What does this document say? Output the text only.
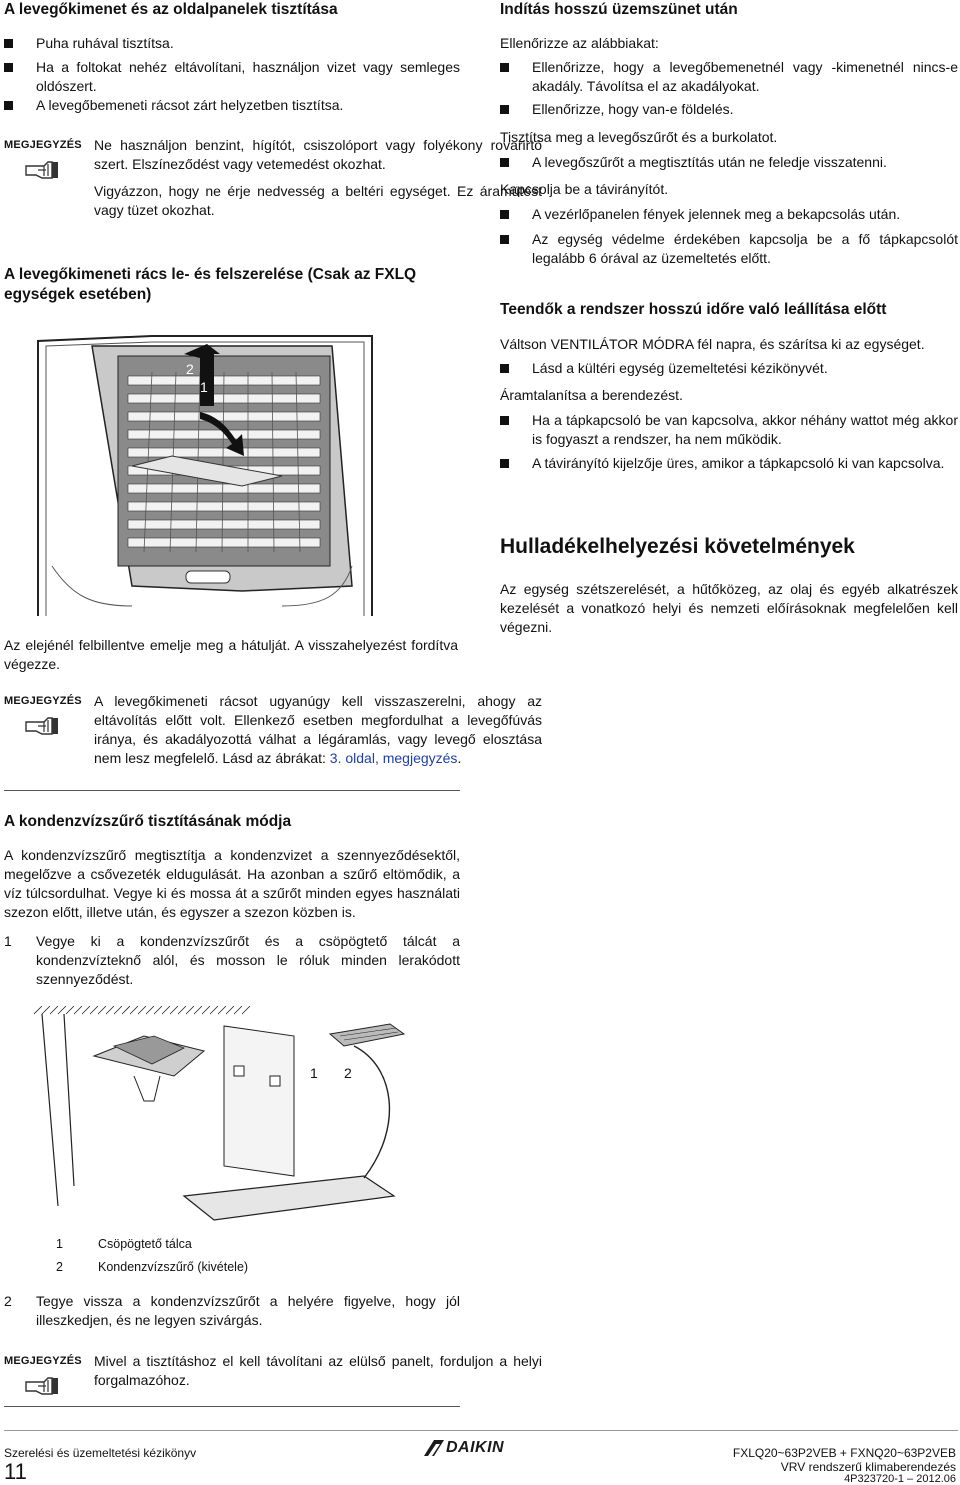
A levegőkimenet és az oldalpanelek tisztítása

Puha ruhával tisztítsa.

Ha a foltokat nehéz eltávolítani, használjon vizet vagy semleges oldószert.

A levegőbemeneti rácsot zárt helyzetben tisztítsa.

MEGJEGYZÉS Ne használjon benzint, hígítót, csiszolóport vagy folyékony rovarirtó szert. Elszíneződést vagy vetemedést okozhat.

Vigyázzon, hogy ne érje nedvesség a beltéri egységet. Ez áramütést vagy tüzet okozhat.

A levegőkimeneti rács le- és felszerelése (Csak az FXLQ egységek esetében)
2
1

Az elejénél felbillentve emelje meg a hátulját. A visszahelyezést fordítva végezze.

MEGJEGYZÉS A levegőkimeneti rácsot ugyanúgy kell visszaszerelni, ahogy az eltávolítás előtt volt. Ellenkező esetben megfordulhat a levegőfúvás iránya, és akadályozottá válhat a légáramlás, vagy levegő elosztása nem lesz megfelelő. Lásd az ábrákat: 3. oldal, megjegyzés.

A kondenzvízszűrő tisztításának módja

A kondenzvízszűrő megtisztítja a kondenzvizet a szennyeződésektől, megelőzve a csővezeték eldugulását. Ha azonban a szűrő eltömődik, a víz túlcsordulhat. Vegye ki és mossa át a szűrőt minden egyes használati szezon előtt, illetve után, és egyszer a szezon közben is.

1 Vegye ki a kondenzvízszűrőt és a csöpögtető tálcát a kondenzvízteknő alól, és mosson le róluk minden lerakódott szennyeződést.

1 2
1	Csöpögtető tálca
2	Kondenzvízszűrő (kivétele)

2 Tegye vissza a kondenzvízszűrőt a helyére figyelve, hogy jól illeszkedjen, és ne legyen szivárgás.

MEGJEGYZÉS Mivel a tisztításhoz el kell távolítani az elülső panelt, forduljon a helyi forgalmazóhoz.

Indítás hosszú üzemszünet után

Ellenőrizze az alábbiakat:

Ellenőrizze, hogy a levegőbemenetnél vagy -kimenetnél nincs-e akadály. Távolítsa el az akadályokat.

Ellenőrizze, hogy van-e földelés.

Tisztítsa meg a levegőszűrőt és a burkolatot.

A levegőszűrőt a megtisztítás után ne feledje visszatenni.

Kapcsolja be a távirányítót.

A vezérlőpanelen fények jelennek meg a bekapcsolás után.

Az egység védelme érdekében kapcsolja be a fő tápkapcsolót legalább 6 órával az üzemeltetés előtt.

Teendők a rendszer hosszú időre való leállítása előtt

Váltson VENTILÁTOR MÓDRA fél napra, és szárítsa ki az egységet.

Lásd a kültéri egység üzemeltetési kézikönyvét.

Áramtalanítsa a berendezést.

Ha a tápkapcsoló be van kapcsolva, akkor néhány wattot még akkor is fogyaszt a rendszer, ha nem működik.

A távirányító kijelzője üres, amikor a tápkapcsoló ki van kapcsolva.

Hulladékelhelyezési követelmények

Az egység szétszerelését, a hűtőközeg, az olaj és egyéb alkatrészek kezelését a vonatkozó helyi és nemzeti előírásoknak megfelelően kell végezni.

Szerelési és üzemeltetési kézikönyv
11
DAIKIN	FXLQ20~63P2VEB + FXNQ20~63P2VEB
VRV rendszerű klimaberendezés
4P323720-1 – 2012.06
